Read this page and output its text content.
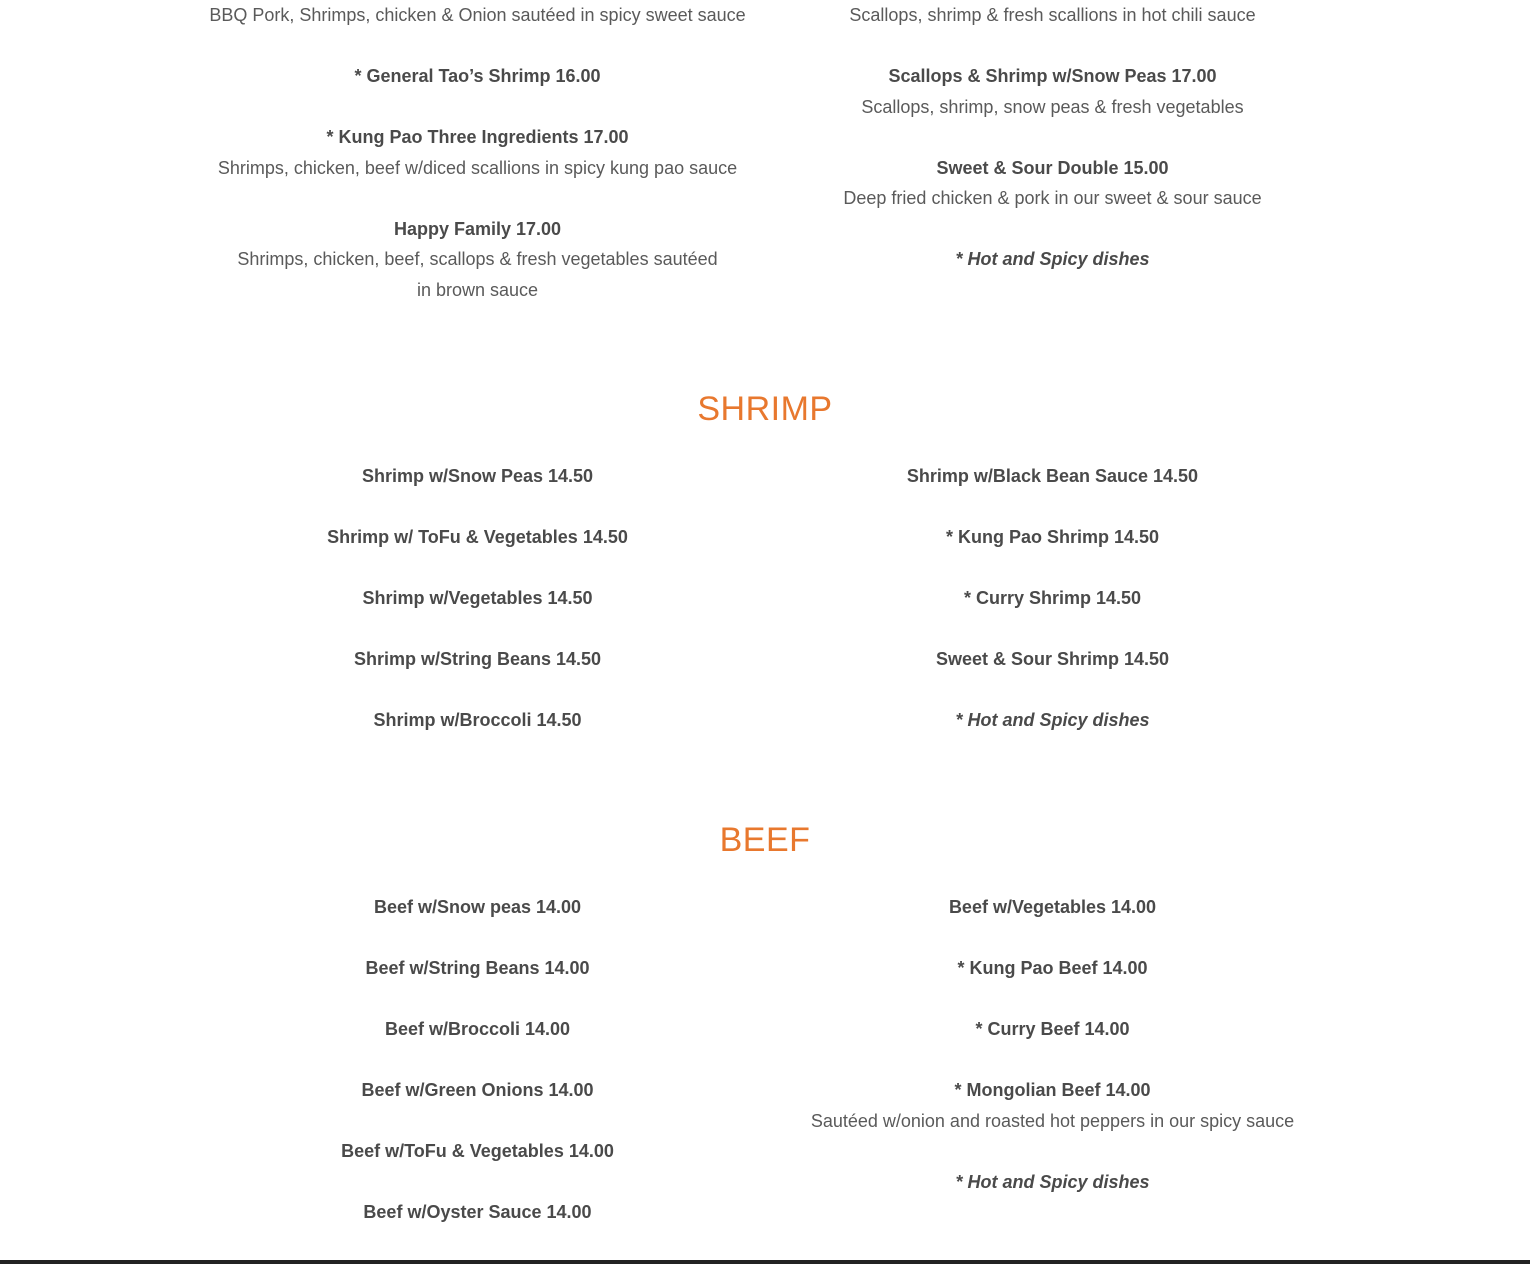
BBQ Pork, Shrimps, chicken & Onion sautéed in spicy sweet sauce
* General Tao’s Shrimp 16.00
* Kung Pao Three Ingredients 17.00
Shrimps, chicken, beef w/diced scallions in spicy kung pao sauce
Happy Family 17.00
Shrimps, chicken, beef, scallops & fresh vegetables sautéed in brown sauce
Scallops, shrimp & fresh scallions in hot chili sauce
Scallops & Shrimp w/Snow Peas 17.00
Scallops, shrimp, snow peas & fresh vegetables
Sweet & Sour Double 15.00
Deep fried chicken & pork in our sweet & sour sauce
* Hot and Spicy dishes
SHRIMP
Shrimp w/Snow Peas 14.50
Shrimp w/ ToFu & Vegetables 14.50
Shrimp w/Vegetables 14.50
Shrimp w/String Beans 14.50
Shrimp w/Broccoli 14.50
Shrimp w/Black Bean Sauce 14.50
* Kung Pao Shrimp 14.50
* Curry Shrimp 14.50
Sweet & Sour Shrimp 14.50
* Hot and Spicy dishes
BEEF
Beef w/Snow peas 14.00
Beef w/String Beans 14.00
Beef w/Broccoli 14.00
Beef w/Green Onions 14.00
Beef w/ToFu & Vegetables 14.00
Beef w/Oyster Sauce 14.00
Beef w/Vegetables 14.00
* Kung Pao Beef 14.00
* Curry Beef 14.00
* Mongolian Beef 14.00
Sautéed w/onion and roasted hot peppers in our spicy sauce
* Hot and Spicy dishes
